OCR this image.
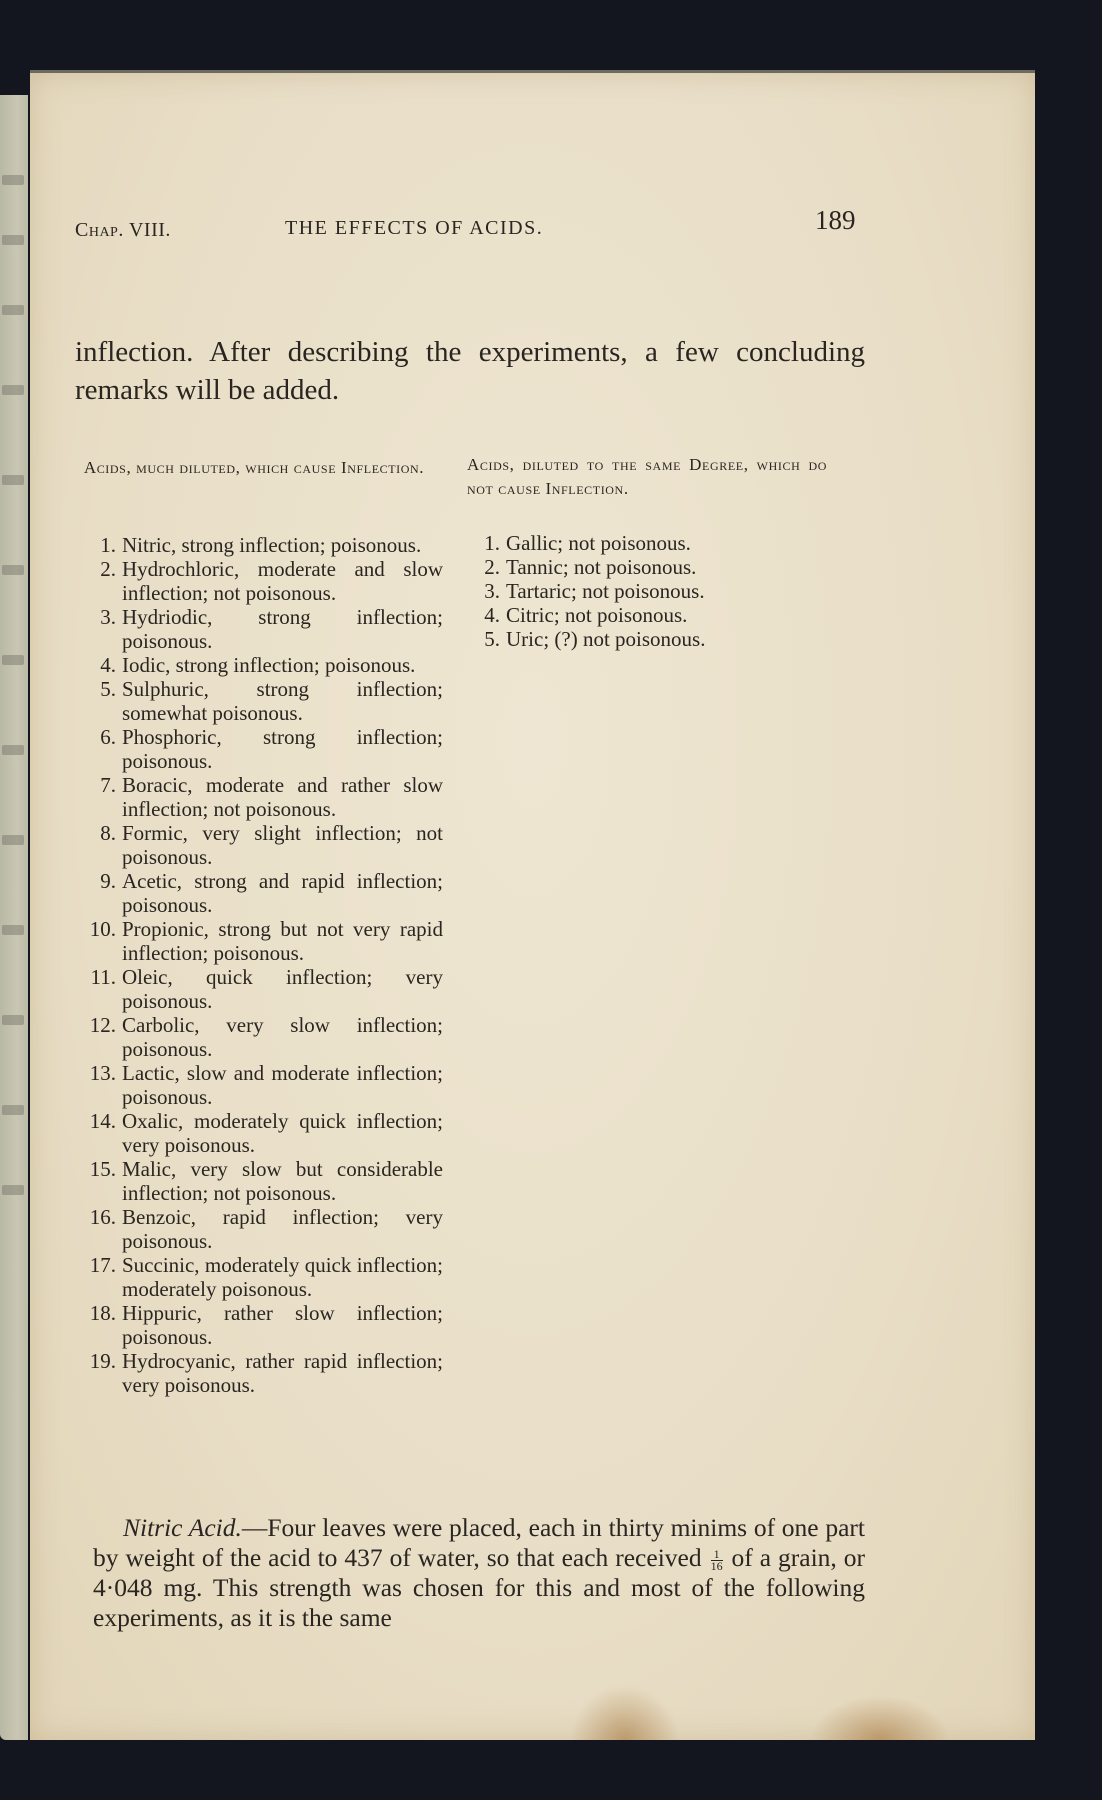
Chap. VIII.	THE EFFECTS OF ACIDS.	189

inflection. After describing the experiments, a few concluding remarks will be added.

Acids, much diluted, which cause Inflection.	Acids, diluted to the same Degree, which do not cause Inflection.
1. Nitric, strong inflection; poisonous.
2. Hydrochloric, moderate and slow inflection; not poisonous.
3. Hydriodic, strong inflection; poisonous.
4. Iodic, strong inflection; poisonous.
5. Sulphuric, strong inflection; somewhat poisonous.
6. Phosphoric, strong inflection; poisonous.
7. Boracic, moderate and rather slow inflection; not poisonous.
8. Formic, very slight inflection; not poisonous.
9. Acetic, strong and rapid inflection; poisonous.
10. Propionic, strong but not very rapid inflection; poisonous.
11. Oleic, quick inflection; very poisonous.
12. Carbolic, very slow inflection; poisonous.
13. Lactic, slow and moderate inflection; poisonous.
14. Oxalic, moderately quick inflection; very poisonous.
15. Malic, very slow but considerable inflection; not poisonous.
16. Benzoic, rapid inflection; very poisonous.
17. Succinic, moderately quick inflection; moderately poisonous.
18. Hippuric, rather slow inflection; poisonous.
19. Hydrocyanic, rather rapid inflection; very poisonous.
1. Gallic; not poisonous.
2. Tannic; not poisonous.
3. Tartaric; not poisonous.
4. Citric; not poisonous.
5. Uric; (?) not poisonous.

Nitric Acid.—Four leaves were placed, each in thirty minims of one part by weight of the acid to 437 of water, so that each received $\frac{1}{16}$ of a grain, or 4·048 mg. This strength was chosen for this and most of the following experiments, as it is the same
